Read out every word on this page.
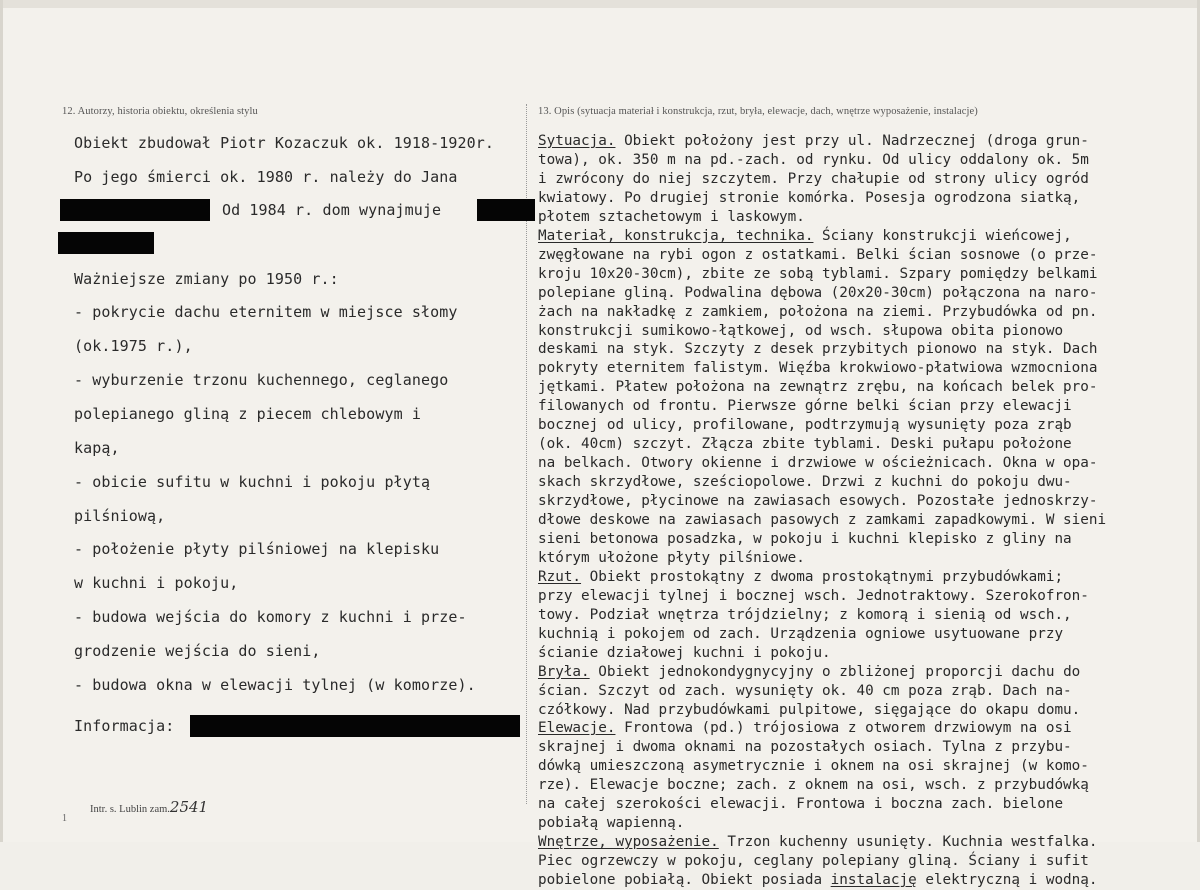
12. Autorzy, historia obiektu, określenia stylu	13. Opis (sytuacja materiał i konstrukcja, rzut, bryła, elewacje, dach, wnętrze wyposażenie, instalacje)
Obiekt zbudował Piotr Kozaczuk ok. 1918-1920r.
Po jego śmierci ok. 1980 r. należy do Jana
Od 1984 r. dom wynajmuje
Ważniejsze zmiany po 1950 r.:
- pokrycie dachu eternitem w miejsce słomy
(ok.1975 r.),
- wyburzenie trzonu kuchennego, ceglanego
polepianego gliną z piecem chlebowym i
kapą,
- obicie sufitu w kuchni i pokoju płytą
pilśniową,
- położenie płyty pilśniowej na klepisku
w kuchni i pokoju,
- budowa wejścia do komory z kuchni i prze-
grodzenie wejścia do sieni,
- budowa okna w elewacji tylnej (w komorze).
Informacja:
Sytuacja. Obiekt położony jest przy ul. Nadrzecznej (droga grun-
towa), ok. 350 m na pd.-zach. od rynku. Od ulicy oddalony ok. 5m
i zwrócony do niej szczytem. Przy chałupie od strony ulicy ogród
kwiatowy. Po drugiej stronie komórka. Posesja ogrodzona siatką,
płotem sztachetowym i laskowym.
Materiał, konstrukcja, technika. Ściany konstrukcji wieńcowej,
zwęgłowane na rybi ogon z ostatkami. Belki ścian sosnowe (o prze-
kroju 10x20-30cm), zbite ze sobą tyblami. Szpary pomiędzy belkami
polepiane gliną. Podwalina dębowa (20x20-30cm) połączona na naro-
żach na nakładkę z zamkiem, położona na ziemi. Przybudówka od pn.
konstrukcji sumikowo-łątkowej, od wsch. słupowa obita pionowo
deskami na styk. Szczyty z desek przybitych pionowo na styk. Dach
pokryty eternitem falistym. Więźba krokwiowo-płatwiowa wzmocniona
jętkami. Płatew położona na zewnątrz zrębu, na końcach belek pro-
filowanych od frontu. Pierwsze górne belki ścian przy elewacji
bocznej od ulicy, profilowane, podtrzymują wysunięty poza zrąb
(ok. 40cm) szczyt. Złącza zbite tyblami. Deski pułapu położone
na belkach. Otwory okienne i drzwiowe w ościeżnicach. Okna w opa-
skach skrzydłowe, sześciopolowe. Drzwi z kuchni do pokoju dwu-
skrzydłowe, płycinowe na zawiasach esowych. Pozostałe jednoskrzy-
dłowe deskowe na zawiasach pasowych z zamkami zapadkowymi. W sieni
sieni betonowa posadzka, w pokoju i kuchni klepisko z gliny na
którym ułożone płyty pilśniowe.
Rzut. Obiekt prostokątny z dwoma prostokątnymi przybudówkami;
przy elewacji tylnej i bocznej wsch. Jednotraktowy. Szerokofron-
towy. Podział wnętrza trójdzielny; z komorą i sienią od wsch.,
kuchnią i pokojem od zach. Urządzenia ogniowe usytuowane przy
ścianie działowej kuchni i pokoju.
Bryła. Obiekt jednokondygnycyjny o zbliżonej proporcji dachu do
ścian. Szczyt od zach. wysunięty ok. 40 cm poza zrąb. Dach na-
czółkowy. Nad przybudówkami pulpitowe, sięgające do okapu domu.
Elewacje. Frontowa (pd.) trójosiowa z otworem drzwiowym na osi
skrajnej i dwoma oknami na pozostałych osiach. Tylna z przybu-
dówką umieszczoną asymetrycznie i oknem na osi skrajnej (w komo-
rze). Elewacje boczne; zach. z oknem na osi, wsch. z przybudówką
na całej szerokości elewacji. Frontowa i boczna zach. bielone
pobiałą wapienną.
Wnętrze, wyposażenie. Trzon kuchenny usunięty. Kuchnia westfalka.
Piec ogrzewczy w pokoju, ceglany polepiany gliną. Ściany i sufit
pobielone pobiałą. Obiekt posiada instalację elektryczną i wodną.
Intr. s. Lublin zam.2541
1
